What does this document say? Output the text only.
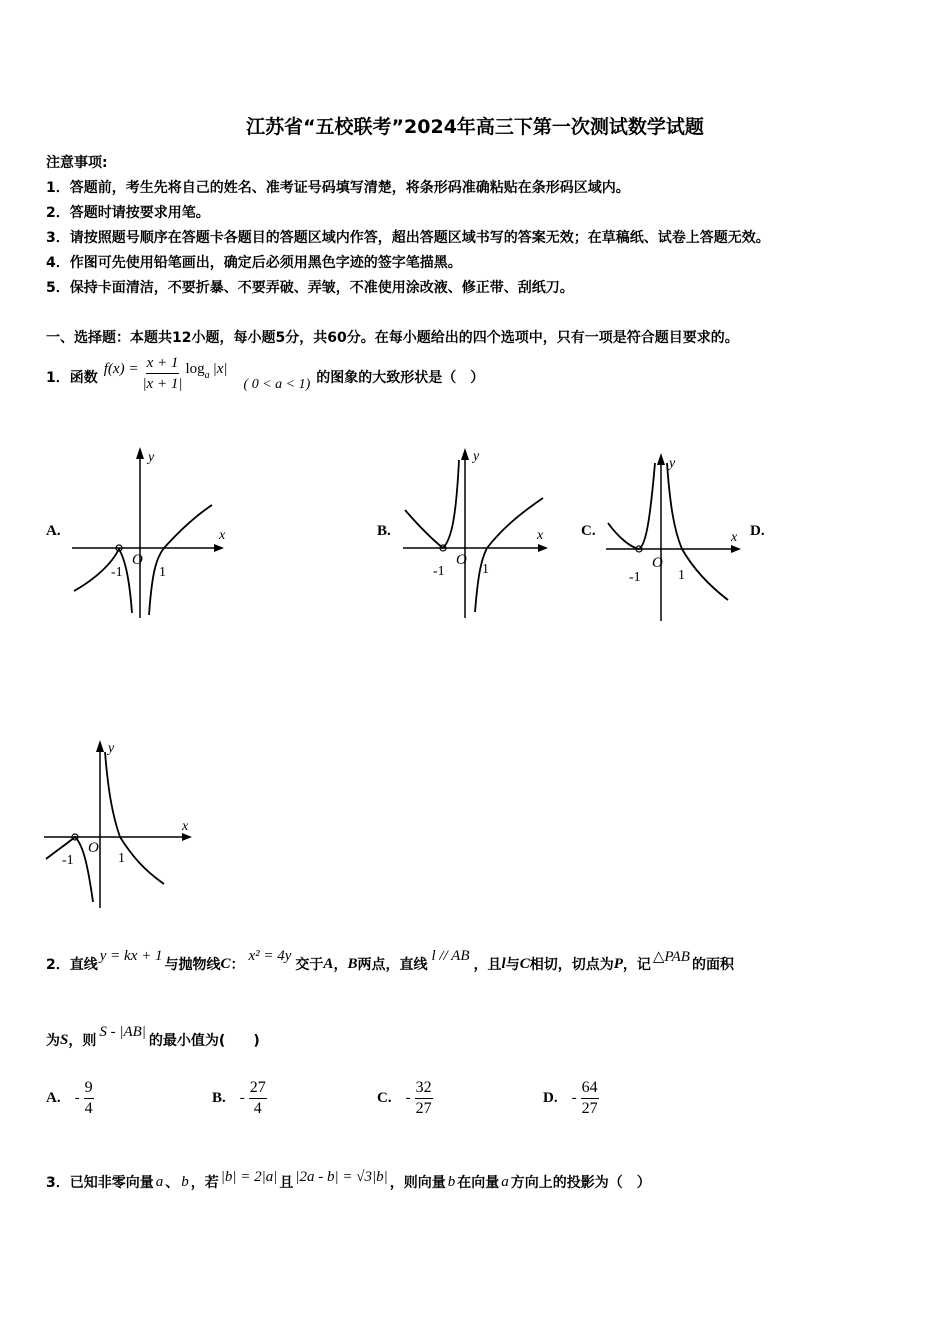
江苏省“五校联考”2024年高三下第一次测试数学试题
注意事项:
1．答题前，考生先将自己的姓名、准考证号码填写清楚，将条形码准确粘贴在条形码区域内。
2．答题时请按要求用笔。
3．请按照题号顺序在答题卡各题目的答题区域内作答，超出答题区域书写的答案无效；在草稿纸、试卷上答题无效。
4．作图可先使用铅笔画出，确定后必须用黑色字迹的签字笔描黑。
5．保持卡面清洁，不要折暴、不要弄破、弄皱，不准使用涂改液、修正带、刮纸刀。
一、选择题：本题共12小题，每小题5分，共60分。在每小题给出的四个选项中，只有一项是符合题目要求的。
1．函数
$f(x) = \frac{x + 1}{|x + 1|}$ log a |x|
( 0 < a < 1) 的图象的大致形状是（　）
A.	B.	C.	D.
x
y
-1
O
1
x
y
-1
O
1
x
y
-1
O
1
x
y
-1
O
1
2．直线
y = kx + 1
与抛物线 C ：
x² = 4y
交于 A ， B 两点，直线
l // AB
，且 l 与 C 相切，切点为 P ，记
△PAB
的面积
为 S ，则
S - |AB|
的最小值为(　　)
A. - $\frac{9}{4}$	B. - $\frac{27}{4}$	C. - $\frac{32}{27}$	D. - $\frac{64}{27}$
3．已知非零向量 a 、 b ，若 |b| = 2|a| 且 |2a - b| = √3|b| ，则向量 b 在向量 a 方向上的投影为（　）
